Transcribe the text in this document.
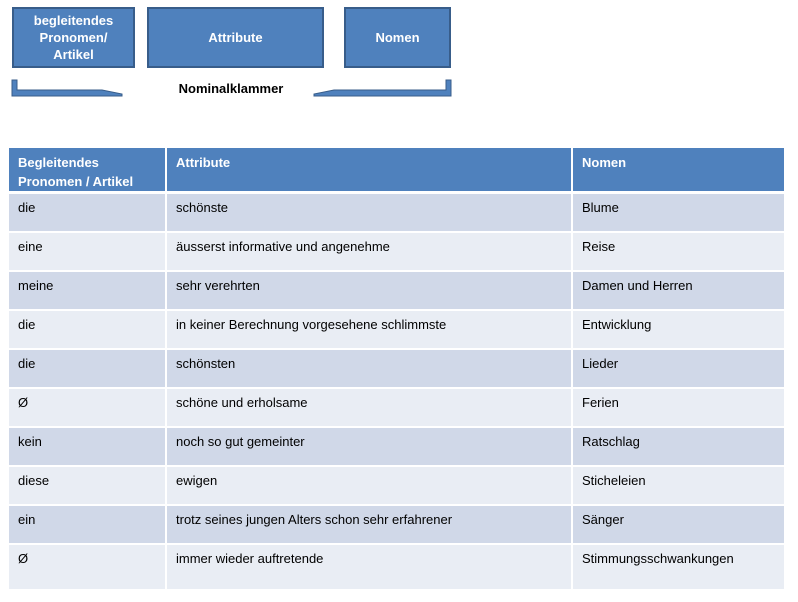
begleitendes
Pronomen/
Artikel
Attribute	Nomen
Nominalklammer
Begleitendes Pronomen / Artikel	Attribute	Nomen
die	schönste	Blume
eine	äusserst informative und angenehme	Reise
meine	sehr verehrten	Damen und Herren
die	in keiner Berechnung vorgesehene schlimmste	Entwicklung
die	schönsten	Lieder
Ø	schöne und erholsame	Ferien
kein	noch so gut gemeinter	Ratschlag
diese	ewigen	Sticheleien
ein	trotz seines jungen Alters schon sehr erfahrener	Sänger
Ø	immer wieder auftretende	Stimmungsschwankungen
